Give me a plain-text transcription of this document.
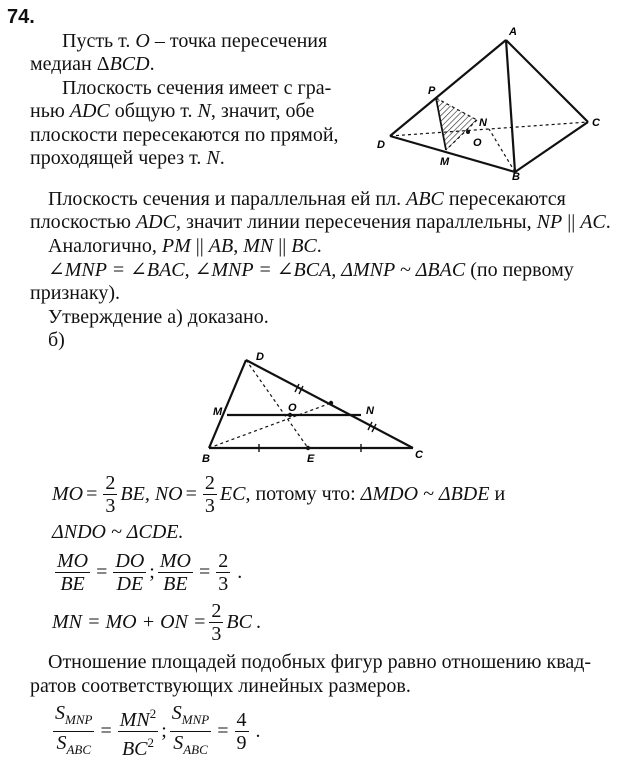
74.
Пусть т. O – точка пересечения
медиан ΔBCD.
Плоскость сечения имеет с гра-
нью ADC общую т. N, значит, обе
плоскости пересекаются по прямой,
проходящей через т. N.
A
B
C
D
P
N
O
M
Плоскость сечения и параллельная ей пл. ABC пересекаются
плоскостью ADC, значит линии пересечения параллельны, NP || AC.
Аналогично, PM || AB, MN || BC.
∠MNP = ∠BAC, ∠MNP = ∠BCA, ΔMNP ~ ΔBAC (по первому
признаку).
Утверждение а) доказано.
б)
D
M	O	N
B	E	C
MO = $\frac{2}{3}$ BE, NO = $\frac{2}{3}$ EC , потому что: ΔMDO ~ ΔBDE и
ΔNDO ~ ΔCDE.
$\frac{MO}{BE} = \frac{DO}{DE}$ ; $\frac{MO}{BE} = \frac{2}{3}$ .
MN = MO + ON = $\frac{2}{3}$ BC .
Отношение площадей подобных фигур равно отношению квад-
ратов соответствующих линейных размеров.
$\frac{S_{MNP}}{S_{ABC}} = \frac{MN^2}{BC^2}$ ; $\frac{S_{MNP}}{S_{ABC}} = \frac{4}{9}$ .
